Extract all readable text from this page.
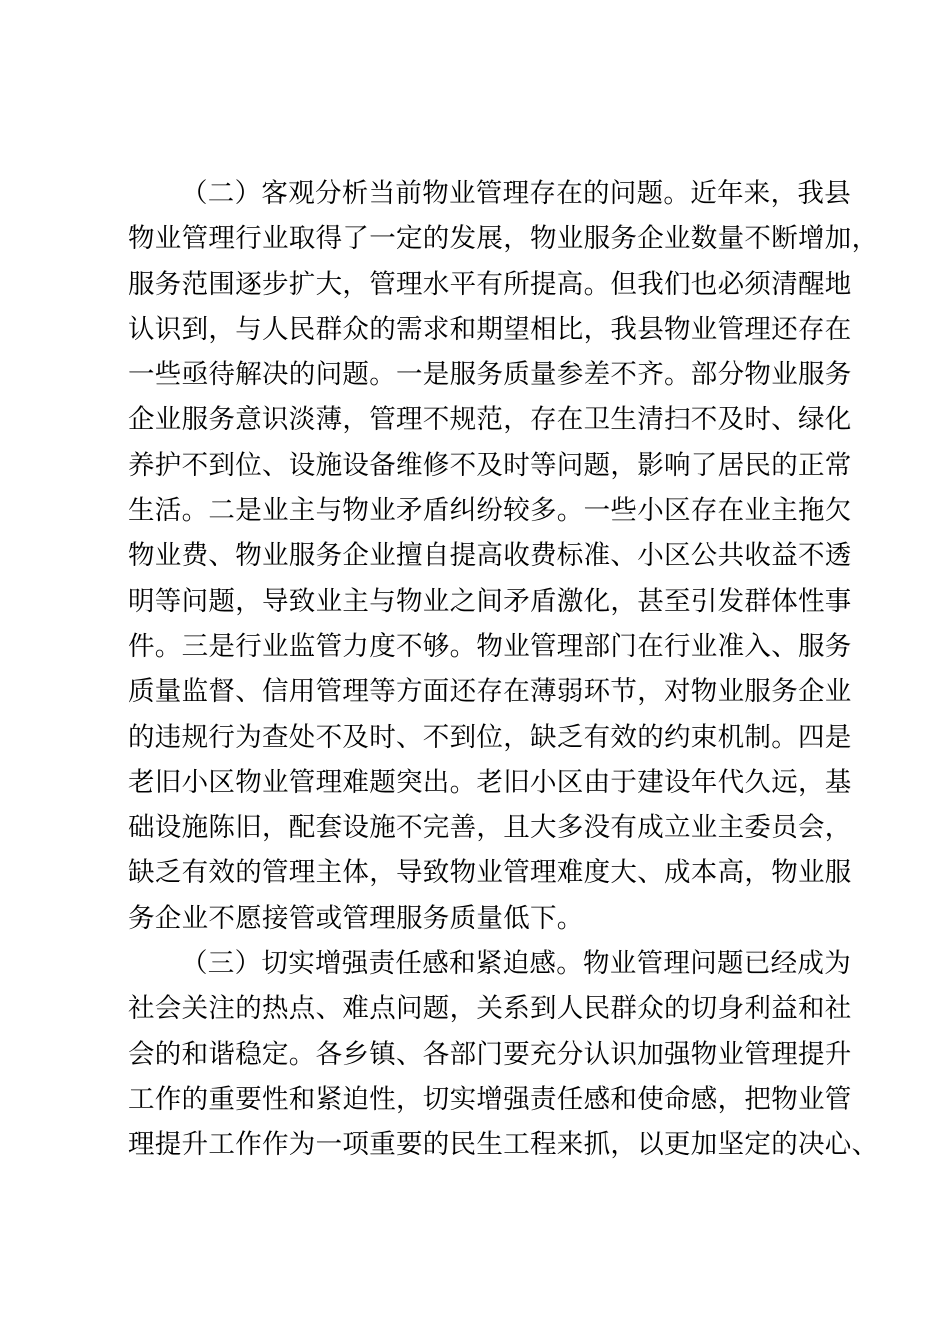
（二）客观分析当前物业管理存在的问题。近年来，我县
物业管理行业取得了一定的发展，物业服务企业数量不断增加，
服务范围逐步扩大，管理水平有所提高。但我们也必须清醒地
认识到，与人民群众的需求和期望相比，我县物业管理还存在
一些亟待解决的问题。一是服务质量参差不齐。部分物业服务
企业服务意识淡薄，管理不规范，存在卫生清扫不及时、绿化
养护不到位、设施设备维修不及时等问题，影响了居民的正常
生活。二是业主与物业矛盾纠纷较多。一些小区存在业主拖欠
物业费、物业服务企业擅自提高收费标准、小区公共收益不透
明等问题，导致业主与物业之间矛盾激化，甚至引发群体性事
件。三是行业监管力度不够。物业管理部门在行业准入、服务
质量监督、信用管理等方面还存在薄弱环节，对物业服务企业
的违规行为查处不及时、不到位，缺乏有效的约束机制。四是
老旧小区物业管理难题突出。老旧小区由于建设年代久远，基
础设施陈旧，配套设施不完善，且大多没有成立业主委员会，
缺乏有效的管理主体，导致物业管理难度大、成本高，物业服
务企业不愿接管或管理服务质量低下。
（三）切实增强责任感和紧迫感。物业管理问题已经成为
社会关注的热点、难点问题，关系到人民群众的切身利益和社
会的和谐稳定。各乡镇、各部门要充分认识加强物业管理提升
工作的重要性和紧迫性，切实增强责任感和使命感，把物业管
理提升工作作为一项重要的民生工程来抓，以更加坚定的决心、
